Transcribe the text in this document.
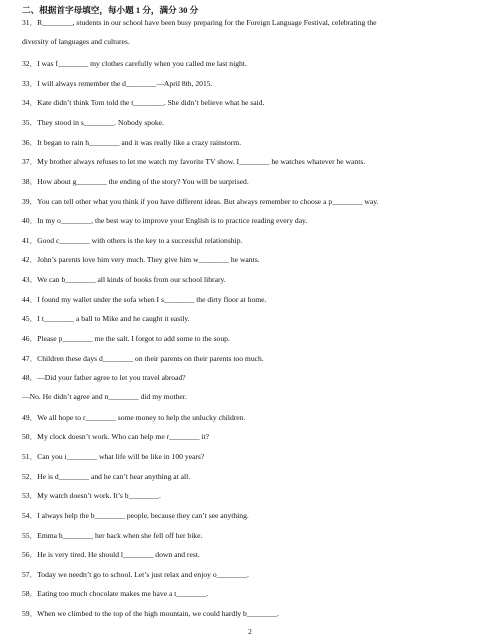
二、根据首字母填空，每小题 1 分，满分 30 分
31．R________, students in our school have been busy preparing for the Foreign Language Festival, celebrating the
diversity of languages and cultures.
32．I was f________ my clothes carefully when you called me last night.
33．I will always remember the d________—April 8th, 2015.
34．Kate didn’t think Tom told the t________. She didn’t believe what he said.
35．They stood in s________. Nobody spoke.
36．It began to rain h________ and it was really like a crazy rainstorm.
37．My brother always refuses to let me watch my favorite TV show. I________ he watches whatever he wants.
38．How about g________ the ending of the story? You will be surprised.
39．You can tell other what you think if you have different ideas. But always remember to choose a p________ way.
40．In my o________, the best way to improve your English is to practice reading every day.
41．Good c________ with others is the key to a successful relationship.
42．John’s parents love him very much. They give him w________ he wants.
43．We can b________ all kinds of books from our school library.
44．I found my wallet under the sofa when I s________ the dirty floor at home.
45．I t________ a ball to Mike and he caught it easily.
46．Please p________ me the salt. I forgot to add some to the soup.
47．Children these days d________ on their parents on their parents too much.
48．—Did your father agree to let you travel abroad?
—No. He didn’t agree and n________ did my mother.
49．We all hope to r________ some money to help the unlucky children.
50．My clock doesn’t work. Who can help me r________ it?
51．Can you i________ what life will be like in 100 years?
52．He is d________ and he can’t hear anything at all.
53．My watch doesn’t work. It’s b________.
54．I always help the b________ people, because they can’t see anything.
55．Emma h________ her back when she fell off her bike.
56．He is very tired. He should l________ down and rest.
57．Today we needn’t go to school. Let’s just relax and enjoy o________.
58．Eating too much chocolate makes me have a t________.
59．When we climbed to the top of the high mountain, we could hardly b________.
2
